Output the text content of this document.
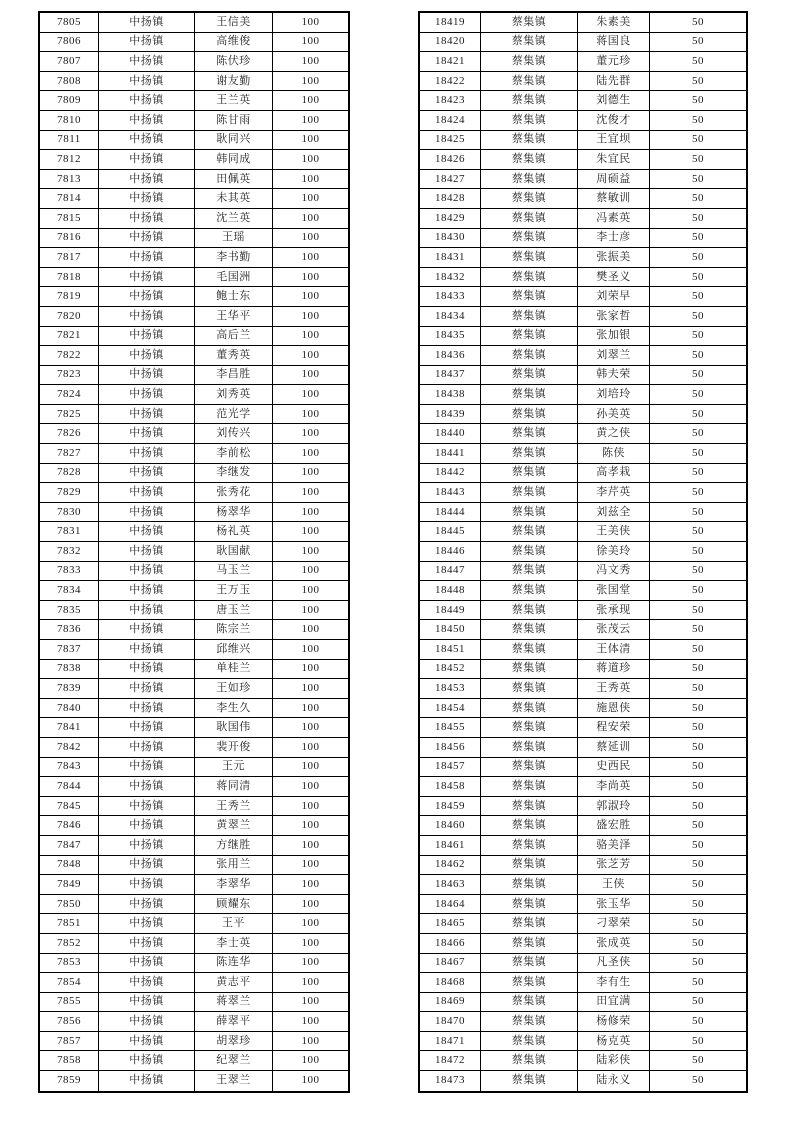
7805	中扬镇	王信美	100
7806	中扬镇	高维俊	100
7807	中扬镇	陈伏珍	100
7808	中扬镇	谢友勤	100
7809	中扬镇	王兰英	100
7810	中扬镇	陈甘雨	100
7811	中扬镇	耿同兴	100
7812	中扬镇	韩同成	100
7813	中扬镇	田佩英	100
7814	中扬镇	未其英	100
7815	中扬镇	沈兰英	100
7816	中扬镇	王瑶	100
7817	中扬镇	李书勤	100
7818	中扬镇	毛国洲	100
7819	中扬镇	鲍士东	100
7820	中扬镇	王华平	100
7821	中扬镇	高后兰	100
7822	中扬镇	董秀英	100
7823	中扬镇	李昌胜	100
7824	中扬镇	刘秀英	100
7825	中扬镇	范光学	100
7826	中扬镇	刘传兴	100
7827	中扬镇	李前松	100
7828	中扬镇	李继发	100
7829	中扬镇	张秀花	100
7830	中扬镇	杨翠华	100
7831	中扬镇	杨礼英	100
7832	中扬镇	耿国献	100
7833	中扬镇	马玉兰	100
7834	中扬镇	王万玉	100
7835	中扬镇	唐玉兰	100
7836	中扬镇	陈宗兰	100
7837	中扬镇	邱维兴	100
7838	中扬镇	单桂兰	100
7839	中扬镇	王如珍	100
7840	中扬镇	李生久	100
7841	中扬镇	耿国伟	100
7842	中扬镇	裴开俊	100
7843	中扬镇	王元	100
7844	中扬镇	蒋同清	100
7845	中扬镇	王秀兰	100
7846	中扬镇	黄翠兰	100
7847	中扬镇	方继胜	100
7848	中扬镇	张用兰	100
7849	中扬镇	李翠华	100
7850	中扬镇	顾耀东	100
7851	中扬镇	王平	100
7852	中扬镇	李士英	100
7853	中扬镇	陈连华	100
7854	中扬镇	黄志平	100
7855	中扬镇	蒋翠兰	100
7856	中扬镇	薛翠平	100
7857	中扬镇	胡翠珍	100
7858	中扬镇	纪翠兰	100
7859	中扬镇	王翠兰	100
18419	蔡集镇	朱素美	50
18420	蔡集镇	蒋国良	50
18421	蔡集镇	董元珍	50
18422	蔡集镇	陆先群	50
18423	蔡集镇	刘德生	50
18424	蔡集镇	沈俊才	50
18425	蔡集镇	王宜坝	50
18426	蔡集镇	朱宜民	50
18427	蔡集镇	周硕益	50
18428	蔡集镇	蔡敏训	50
18429	蔡集镇	冯素英	50
18430	蔡集镇	李士彦	50
18431	蔡集镇	张振美	50
18432	蔡集镇	樊圣义	50
18433	蔡集镇	刘荣早	50
18434	蔡集镇	张家哲	50
18435	蔡集镇	张加银	50
18436	蔡集镇	刘翠兰	50
18437	蔡集镇	韩夫荣	50
18438	蔡集镇	刘培玲	50
18439	蔡集镇	孙美英	50
18440	蔡集镇	黄之侠	50
18441	蔡集镇	陈侠	50
18442	蔡集镇	高孝栽	50
18443	蔡集镇	李芹英	50
18444	蔡集镇	刘兹全	50
18445	蔡集镇	王美侠	50
18446	蔡集镇	徐美玲	50
18447	蔡集镇	冯文秀	50
18448	蔡集镇	张国堂	50
18449	蔡集镇	张承现	50
18450	蔡集镇	张茂云	50
18451	蔡集镇	王体清	50
18452	蔡集镇	蒋道珍	50
18453	蔡集镇	王秀英	50
18454	蔡集镇	施恩侠	50
18455	蔡集镇	程安荣	50
18456	蔡集镇	蔡延训	50
18457	蔡集镇	史西民	50
18458	蔡集镇	李尚英	50
18459	蔡集镇	郭淑玲	50
18460	蔡集镇	盛宏胜	50
18461	蔡集镇	骆美泽	50
18462	蔡集镇	张芝芳	50
18463	蔡集镇	王侠	50
18464	蔡集镇	张玉华	50
18465	蔡集镇	刁翠荣	50
18466	蔡集镇	张成英	50
18467	蔡集镇	凡圣侠	50
18468	蔡集镇	李有生	50
18469	蔡集镇	田宜满	50
18470	蔡集镇	杨修荣	50
18471	蔡集镇	杨克英	50
18472	蔡集镇	陆彩侠	50
18473	蔡集镇	陆永义	50
